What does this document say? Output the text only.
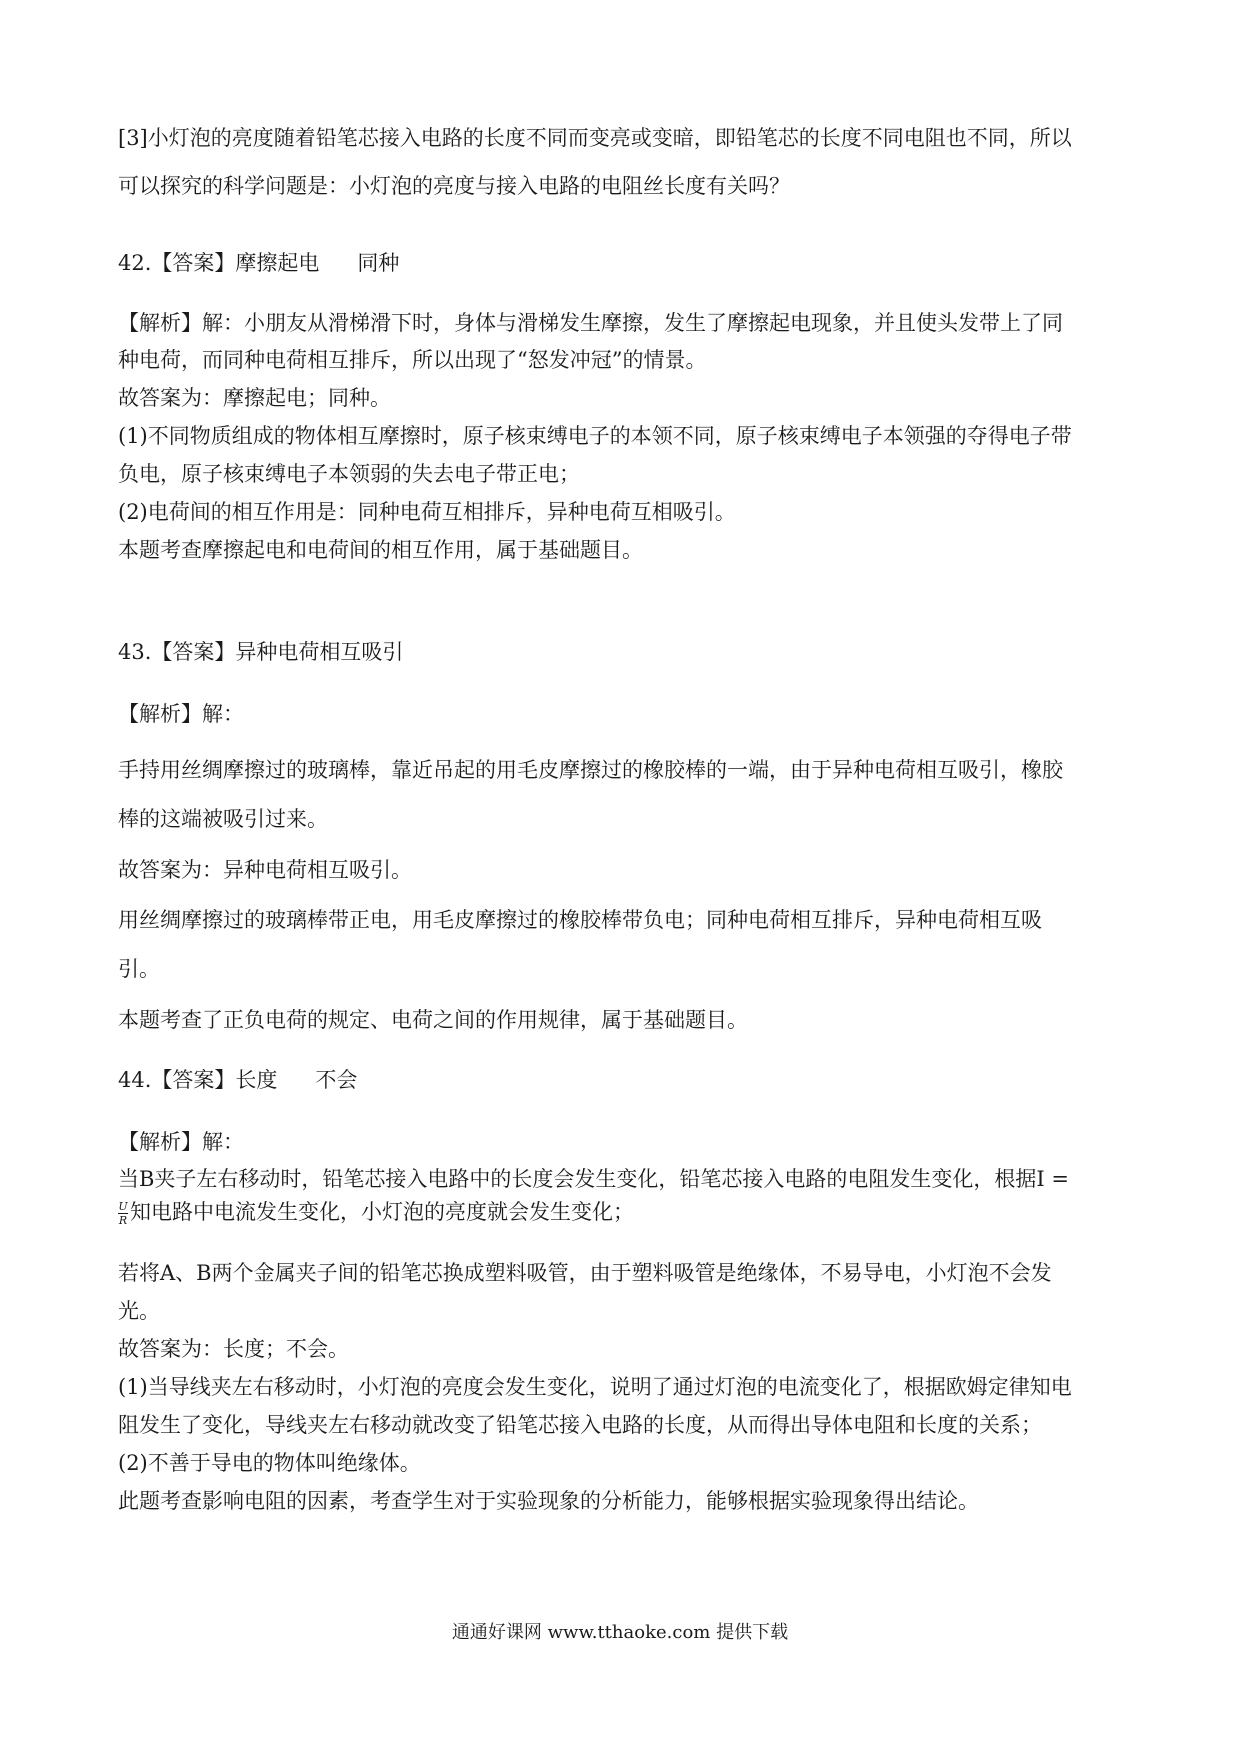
[3]小灯泡的亮度随着铅笔芯接入电路的长度不同而变亮或变暗，即铅笔芯的长度不同电阻也不同，所以
可以探究的科学问题是：小灯泡的亮度与接入电路的电阻丝长度有关吗？
42.【答案】摩擦起电 同种
【解析】解：小朋友从滑梯滑下时，身体与滑梯发生摩擦，发生了摩擦起电现象，并且使头发带上了同
种电荷，而同种电荷相互排斥，所以出现了“怒发冲冠”的情景。
故答案为：摩擦起电；同种。
(1)不同物质组成的物体相互摩擦时，原子核束缚电子的本领不同，原子核束缚电子本领强的夺得电子带
负电，原子核束缚电子本领弱的失去电子带正电；
(2)电荷间的相互作用是：同种电荷互相排斥，异种电荷互相吸引。
本题考查摩擦起电和电荷间的相互作用，属于基础题目。
43.【答案】异种电荷相互吸引
【解析】解：
手持用丝绸摩擦过的玻璃棒，靠近吊起的用毛皮摩擦过的橡胶棒的一端，由于异种电荷相互吸引，橡胶
棒的这端被吸引过来。
故答案为：异种电荷相互吸引。
用丝绸摩擦过的玻璃棒带正电，用毛皮摩擦过的橡胶棒带负电；同种电荷相互排斥，异种电荷相互吸
引。
本题考查了正负电荷的规定、电荷之间的作用规律，属于基础题目。
44.【答案】长度 不会
【解析】解：
当B夹子左右移动时，铅笔芯接入电路中的长度会发生变化，铅笔芯接入电路的电阻发生变化，根据I =
$\frac{U}{R}$ 知电路中电流发生变化，小灯泡的亮度就会发生变化；
若将A、B两个金属夹子间的铅笔芯换成塑料吸管，由于塑料吸管是绝缘体，不易导电，小灯泡不会发
光。
故答案为：长度；不会。
(1)当导线夹左右移动时，小灯泡的亮度会发生变化，说明了通过灯泡的电流变化了，根据欧姆定律知电
阻发生了变化，导线夹左右移动就改变了铅笔芯接入电路的长度，从而得出导体电阻和长度的关系；
(2)不善于导电的物体叫绝缘体。
此题考查影响电阻的因素，考查学生对于实验现象的分析能力，能够根据实验现象得出结论。
通通好课网 www.tthaoke.com 提供下载
